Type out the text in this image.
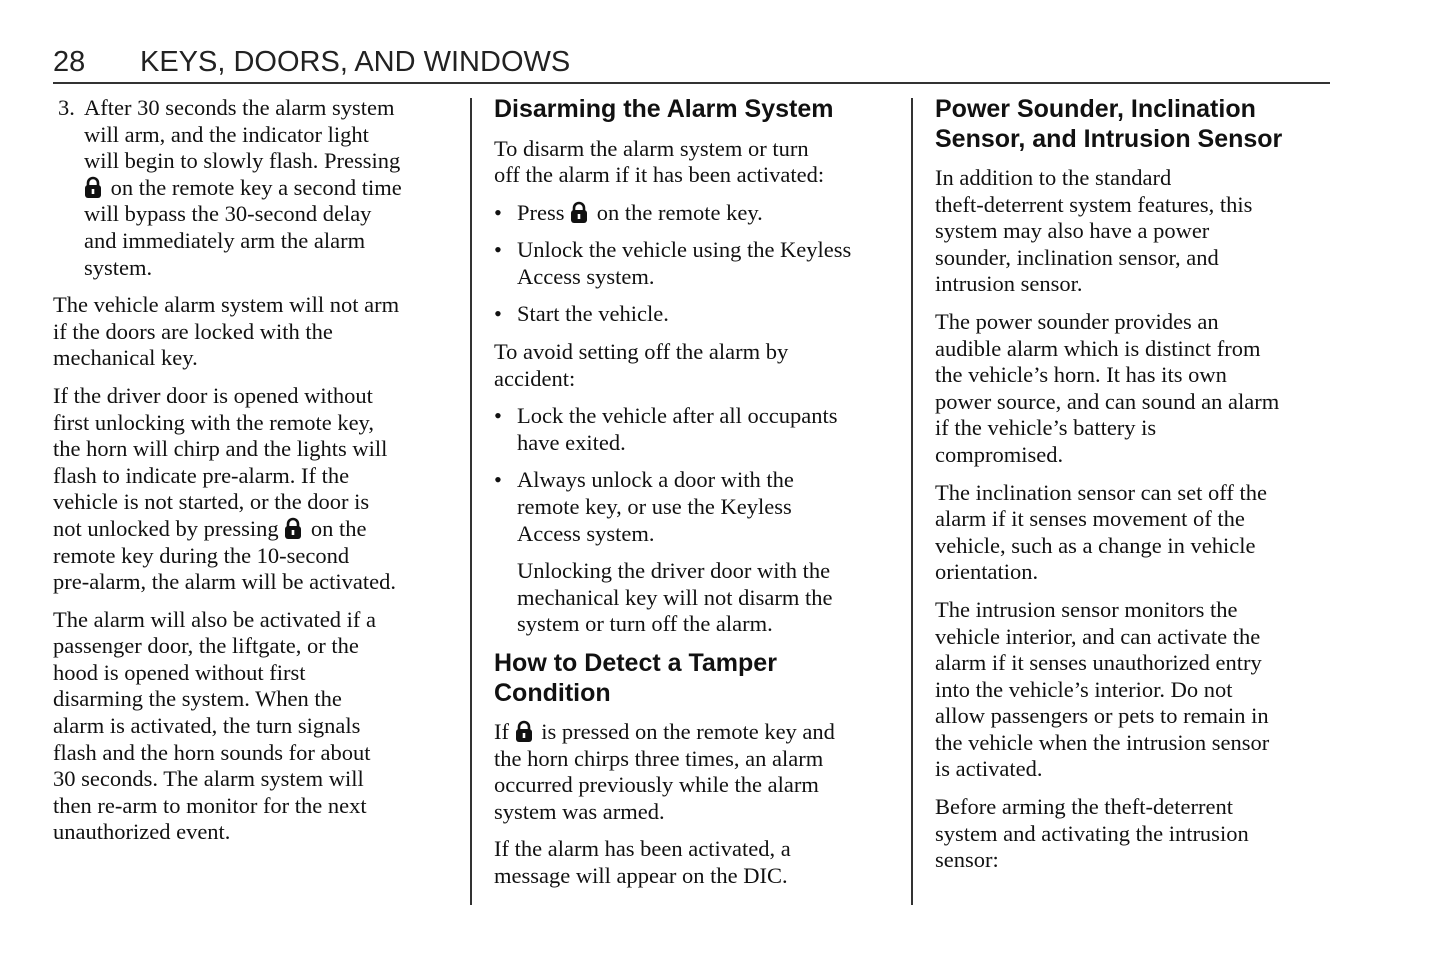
28 KEYS, DOORS, AND WINDOWS
3. After 30 seconds the alarm system
will arm, and the indicator light
will begin to slowly flash. Pressing
on the remote key a second time
will bypass the 30-second delay
and immediately arm the alarm
system.
The vehicle alarm system will not arm
if the doors are locked with the
mechanical key.
If the driver door is opened without
first unlocking with the remote key,
the horn will chirp and the lights will
flash to indicate pre-alarm. If the
vehicle is not started, or the door is
not unlocked by pressing  on the
remote key during the 10-second
pre-alarm, the alarm will be activated.
The alarm will also be activated if a
passenger door, the liftgate, or the
hood is opened without first
disarming the system. When the
alarm is activated, the turn signals
flash and the horn sounds for about
30 seconds. The alarm system will
then re-arm to monitor for the next
unauthorized event.
Disarming the Alarm System
To disarm the alarm system or turn
off the alarm if it has been activated:
• Press  on the remote key.
• Unlock the vehicle using the Keyless
Access system.
• Start the vehicle.
To avoid setting off the alarm by
accident:
• Lock the vehicle after all occupants
have exited.
• Always unlock a door with the
remote key, or use the Keyless
Access system.
Unlocking the driver door with the
mechanical key will not disarm the
system or turn off the alarm.
How to Detect a Tamper
Condition
If  is pressed on the remote key and
the horn chirps three times, an alarm
occurred previously while the alarm
system was armed.
If the alarm has been activated, a
message will appear on the DIC.
Power Sounder, Inclination
Sensor, and Intrusion Sensor
In addition to the standard
theft-deterrent system features, this
system may also have a power
sounder, inclination sensor, and
intrusion sensor.
The power sounder provides an
audible alarm which is distinct from
the vehicle’s horn. It has its own
power source, and can sound an alarm
if the vehicle’s battery is
compromised.
The inclination sensor can set off the
alarm if it senses movement of the
vehicle, such as a change in vehicle
orientation.
The intrusion sensor monitors the
vehicle interior, and can activate the
alarm if it senses unauthorized entry
into the vehicle’s interior. Do not
allow passengers or pets to remain in
the vehicle when the intrusion sensor
is activated.
Before arming the theft-deterrent
system and activating the intrusion
sensor:
